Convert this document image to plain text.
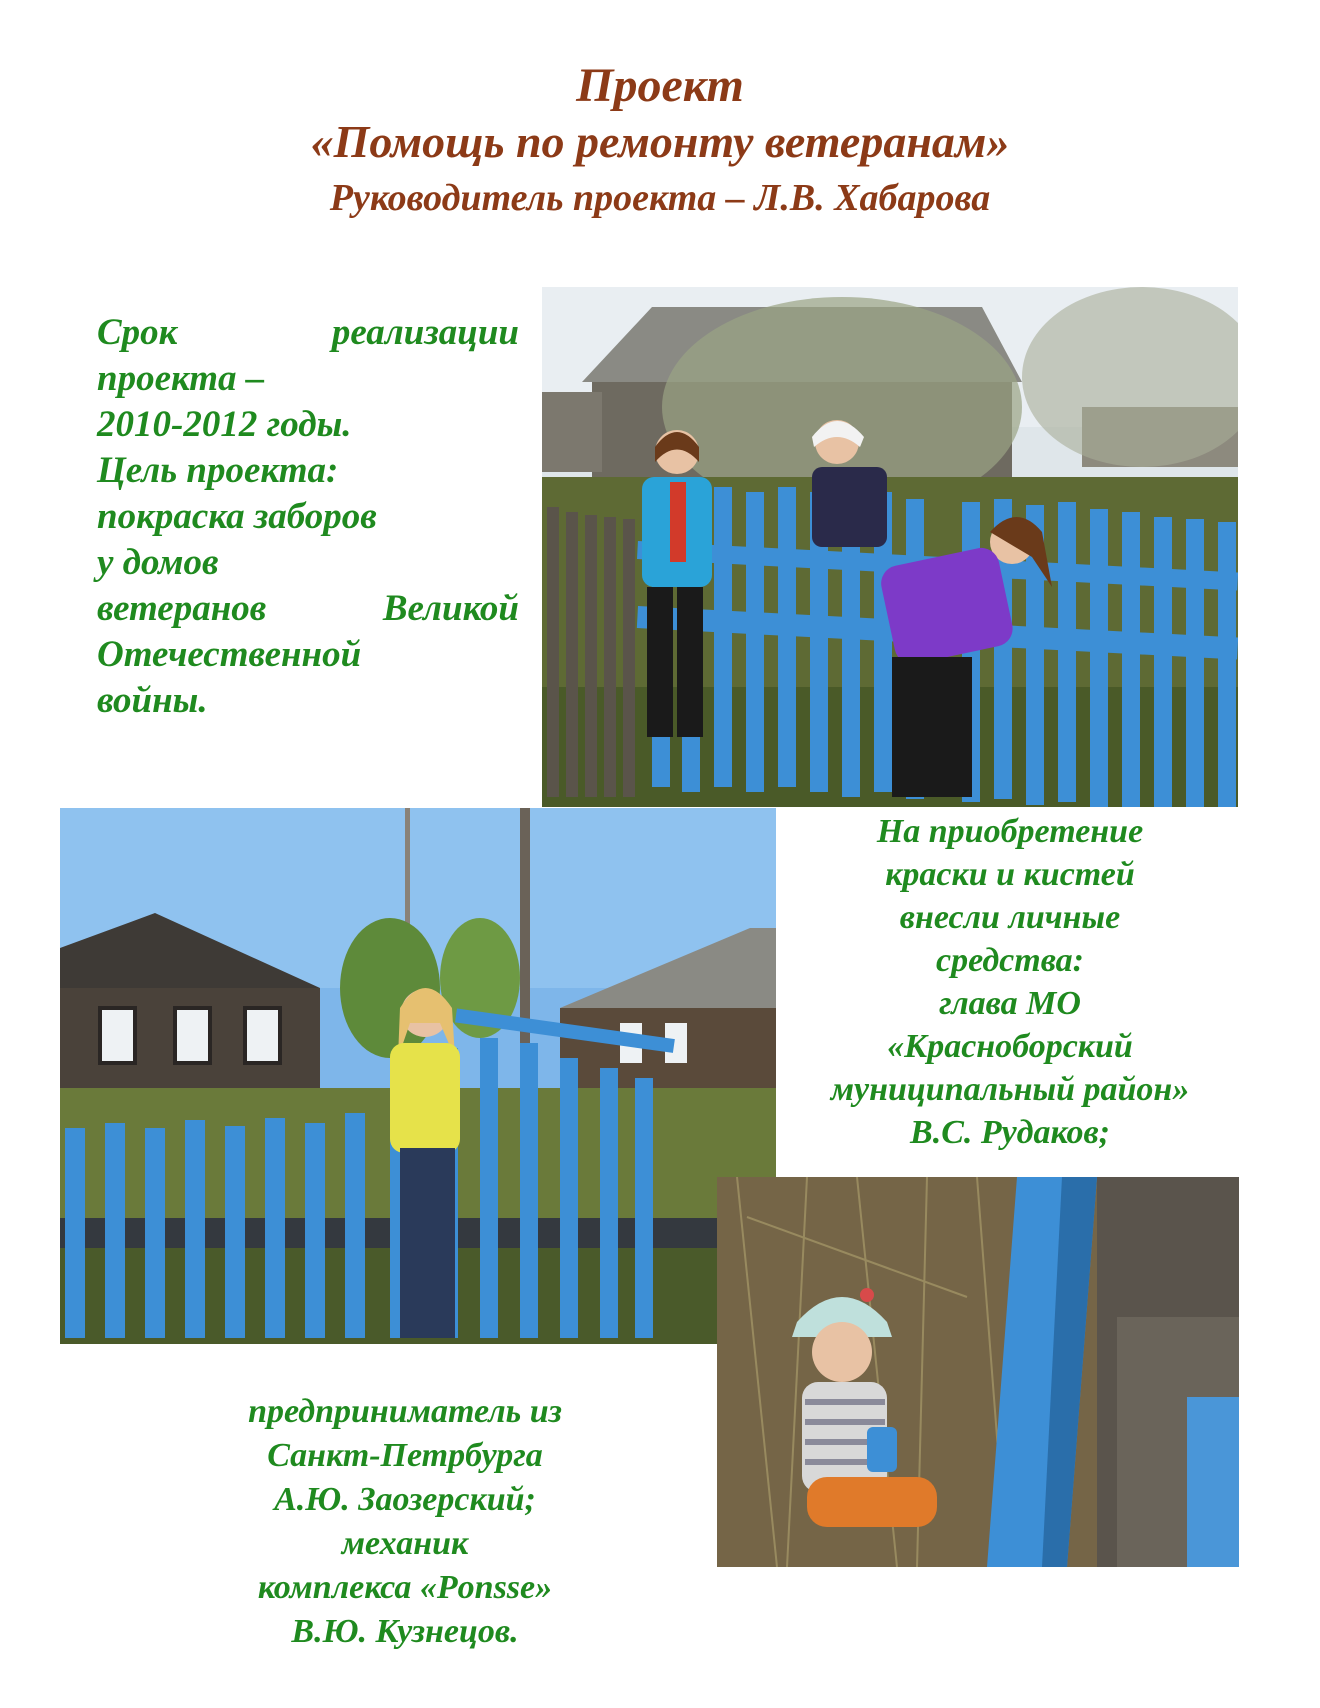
Проект
«Помощь по ремонту ветеранам»
Руководитель проекта – Л.В. Хабарова
Срок	реализации
проекта –
2010-2012 годы.
Цель проекта:
покраска заборов
у домов
ветеранов	Великой
Отечественной
войны.
На приобретение
краски и кистей
внесли личные
средства:
глава МО
«Красноборский
муниципальный район»
В.С. Рудаков;
предприниматель из
Санкт-Петрбурга
А.Ю. Заозерский;
механик
комплекса «Ponsse»
В.Ю. Кузнецов.
